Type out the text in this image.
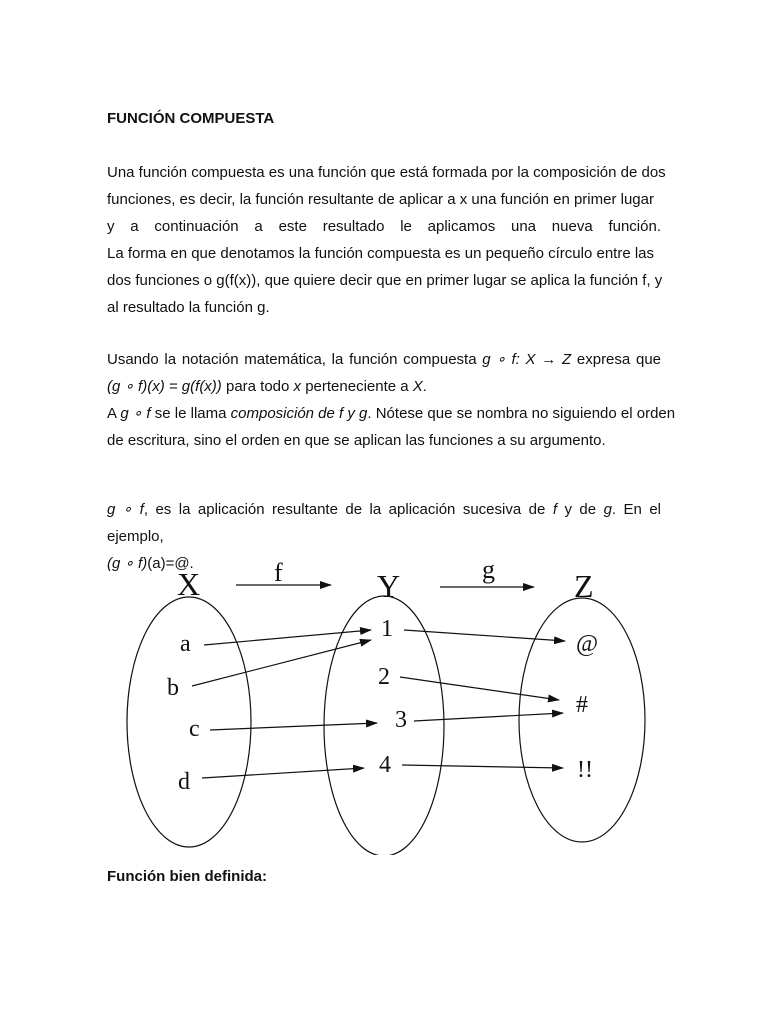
FUNCIÓN COMPUESTA
Una función compuesta es una función que está formada por la composición de dos
funciones, es decir, la función resultante de aplicar a x una función en primer lugar
y a continuación a este resultado le aplicamos una nueva función.
La forma en que denotamos la función compuesta es un pequeño círculo entre las
dos funciones o g(f(x)), que quiere decir que en primer lugar se aplica la función f, y
al resultado la función g.
Usando la notación matemática, la función compuesta g ∘ f: X → Z expresa que
(g ∘ f)(x) = g(f(x)) para todo x perteneciente a X.
A g ∘ f se le llama composición de f y g. Nótese que se nombra no siguiendo el orden
de escritura, sino el orden en que se aplican las funciones a su argumento.
g ∘ f, es la aplicación resultante de la aplicación sucesiva de f y de g. En el ejemplo,
(g ∘ f)(a)=@.
X	Y	Z
f	g
a
b
c
d
1
2
3
4
@
#
!!
Función bien definida:
